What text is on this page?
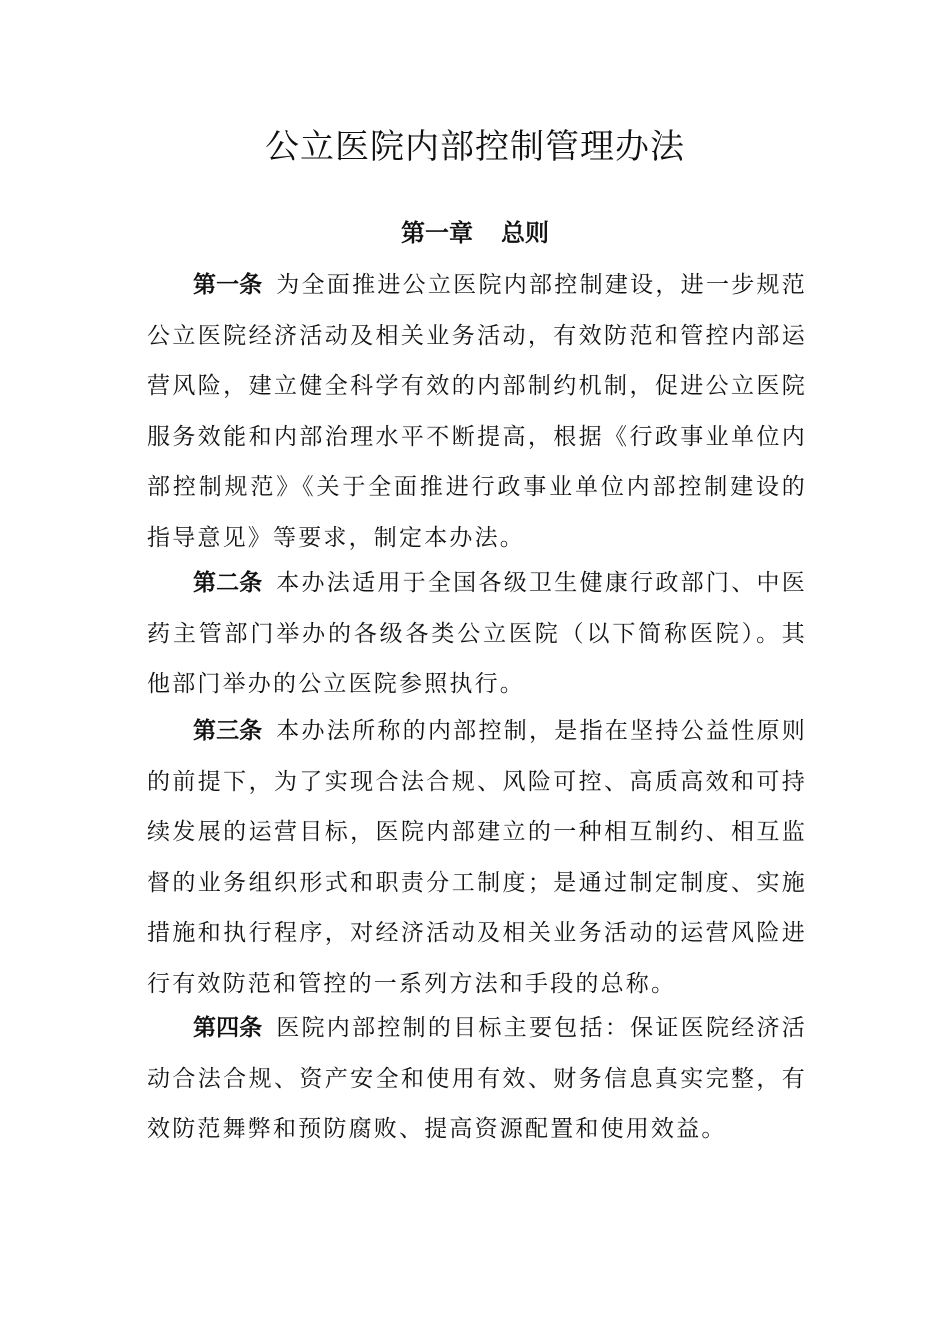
公立医院内部控制管理办法
第一章 总则

第一条 为全面推进公立医院内部控制建设，进一步规范公立医院经济活动及相关业务活动，有效防范和管控内部运营风险，建立健全科学有效的内部制约机制，促进公立医院服务效能和内部治理水平不断提高，根据《行政事业单位内部控制规范》《关于全面推进行政事业单位内部控制建设的指导意见》等要求，制定本办法。

第二条 本办法适用于全国各级卫生健康行政部门、中医药主管部门举办的各级各类公立医院（以下简称医院）。其他部门举办的公立医院参照执行。

第三条 本办法所称的内部控制，是指在坚持公益性原则的前提下，为了实现合法合规、风险可控、高质高效和可持续发展的运营目标，医院内部建立的一种相互制约、相互监督的业务组织形式和职责分工制度；是通过制定制度、实施措施和执行程序，对经济活动及相关业务活动的运营风险进行有效防范和管控的一系列方法和手段的总称。

第四条 医院内部控制的目标主要包括：保证医院经济活动合法合规、资产安全和使用有效、财务信息真实完整，有效防范舞弊和预防腐败、提高资源配置和使用效益。
